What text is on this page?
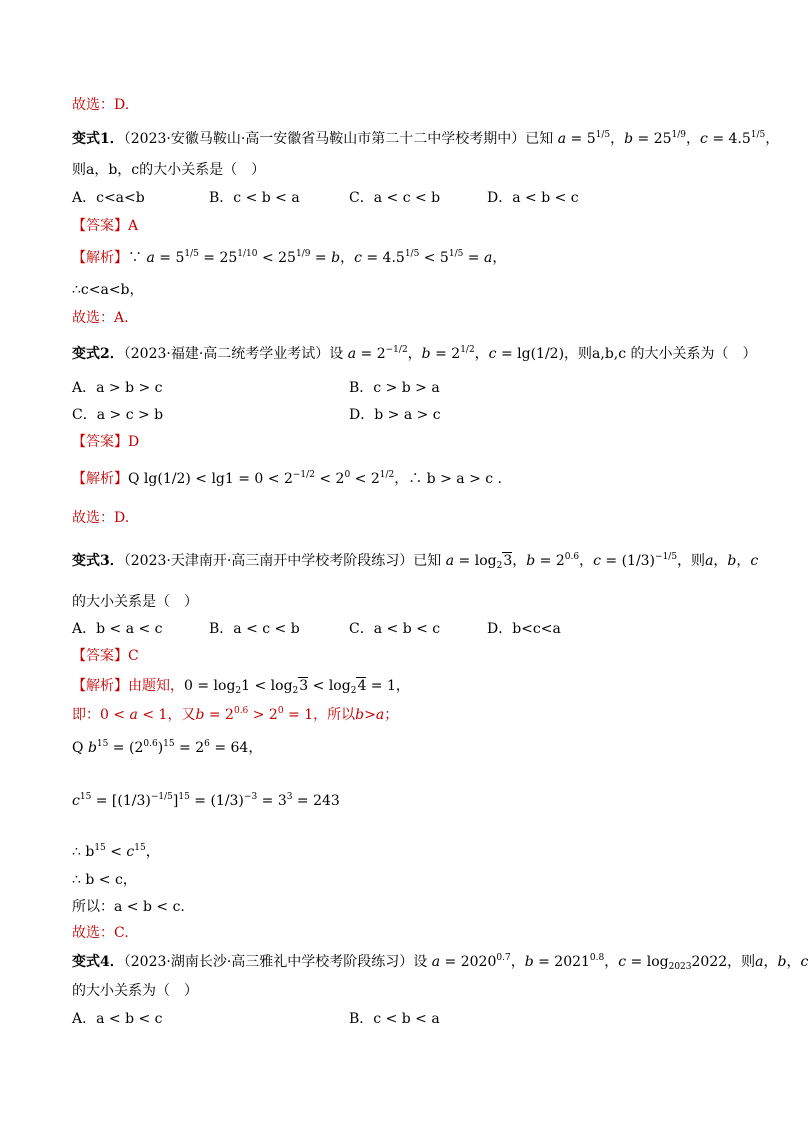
故选：D.
变式1．（2023·安徽马鞍山·高一安徽省马鞍山市第二十二中学校考期中）已知 $a = 5^{1/5}$，$b = 25^{1/9}$，$c = 4.5^{1/5}$，
则a，b，c的大小关系是（　）
A．c<a<b	B．c < b < a	C．a < c < b	D．a < b < c
【答案】A
【解析】∵ $a = 5^{1/5} = 25^{1/10} < 25^{1/9} = b$，$c = 4.5^{1/5} < 5^{1/5} = a$，
∴c<a<b，
故选：A.
变式2．（2023·福建·高二统考学业考试）设 $a = 2^{-1/2}$，$b = 2^{1/2}$，c = lg(1/2)，则a,b,c 的大小关系为（　）
A．a > b > c	B．c > b > a
C．a > c > b	D．b > a > c
【答案】D
【解析】Q $\lg(1/2) < \lg 1 = 0 < 2^{-1/2} < 2^0 < 2^{1/2}$，∴ b > a > c .
故选：D.
变式3．（2023·天津南开·高三南开中学校考阶段练习）已知 $a = \log_23$，$b = 2^{0.6}$，$c = (1/3)^{-1/5}$，则a，b，c
的大小关系是（　）
A．b < a < c	B．a < c < b	C．a < b < c	D．b<c<a
【答案】C
【解析】由题知，$0 = \log_21 < \log_23 < \log_24 = 1$，
即：0 < a < 1，又$b = 2^{0.6} > 2^0 = 1$，所以b>a；
Q $b^{15} = (2^{0.6})^{15} = 2^6 = 64$，
$c^{15} = [(1/3)^{-1/5}]^{15} = (1/3)^{-3} = 3^3 = 243$
∴ $b^{15} < c^{15}$，
∴ b < c，
所以：a < b < c.
故选：C.
变式4．（2023·湖南长沙·高三雅礼中学校考阶段练习）设 $a = 2020^{0.7}$，$b = 2021^{0.8}$，$c = \log_{2023}2022$，则a，b，c
的大小关系为（　）
A．a < b < c	B．c < b < a
